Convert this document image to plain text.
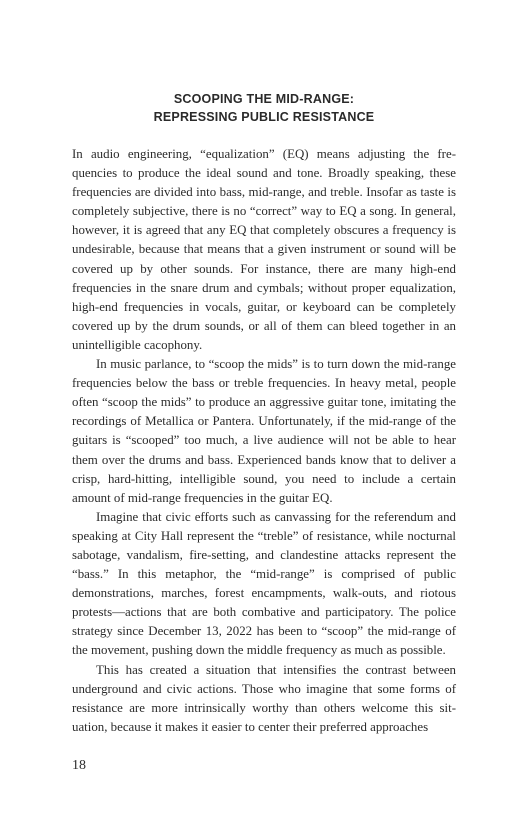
SCOOPING THE MID-RANGE:
REPRESSING PUBLIC RESISTANCE

In audio engineering, “equalization” (EQ) means adjusting the frequencies to produce the ideal sound and tone. Broadly speaking, these frequencies are divided into bass, mid-range, and treble. Insofar as taste is completely subjective, there is no “correct” way to EQ a song. In general, however, it is agreed that any EQ that completely obscures a frequency is undesirable, because that means that a given instrument or sound will be covered up by other sounds. For instance, there are many high-end frequencies in the snare drum and cymbals; without proper equalization, high-end frequencies in vocals, guitar, or keyboard can be completely covered up by the drum sounds, or all of them can bleed together in an unintelligible cacophony.

In music parlance, to “scoop the mids” is to turn down the mid-range frequencies below the bass or treble frequencies. In heavy metal, people often “scoop the mids” to produce an aggressive guitar tone, imitating the recordings of Metallica or Pantera. Unfortunately, if the mid-range of the guitars is “scooped” too much, a live audience will not be able to hear them over the drums and bass. Experienced bands know that to deliver a crisp, hard-hitting, intelligible sound, you need to include a certain amount of mid-range frequencies in the guitar EQ.

Imagine that civic efforts such as canvassing for the referendum and speaking at City Hall represent the “treble” of resistance, while nocturnal sabotage, vandalism, fire-setting, and clandestine attacks represent the “bass.” In this metaphor, the “mid-range” is comprised of public demonstrations, marches, forest encampments, walk-outs, and riotous protests—actions that are both combative and participatory. The police strategy since December 13, 2022 has been to “scoop” the mid-range of the movement, pushing down the middle frequency as much as possible.

This has created a situation that intensifies the contrast between underground and civic actions. Those who imagine that some forms of resistance are more intrinsically worthy than others welcome this situation, because it makes it easier to center their preferred approaches

18
